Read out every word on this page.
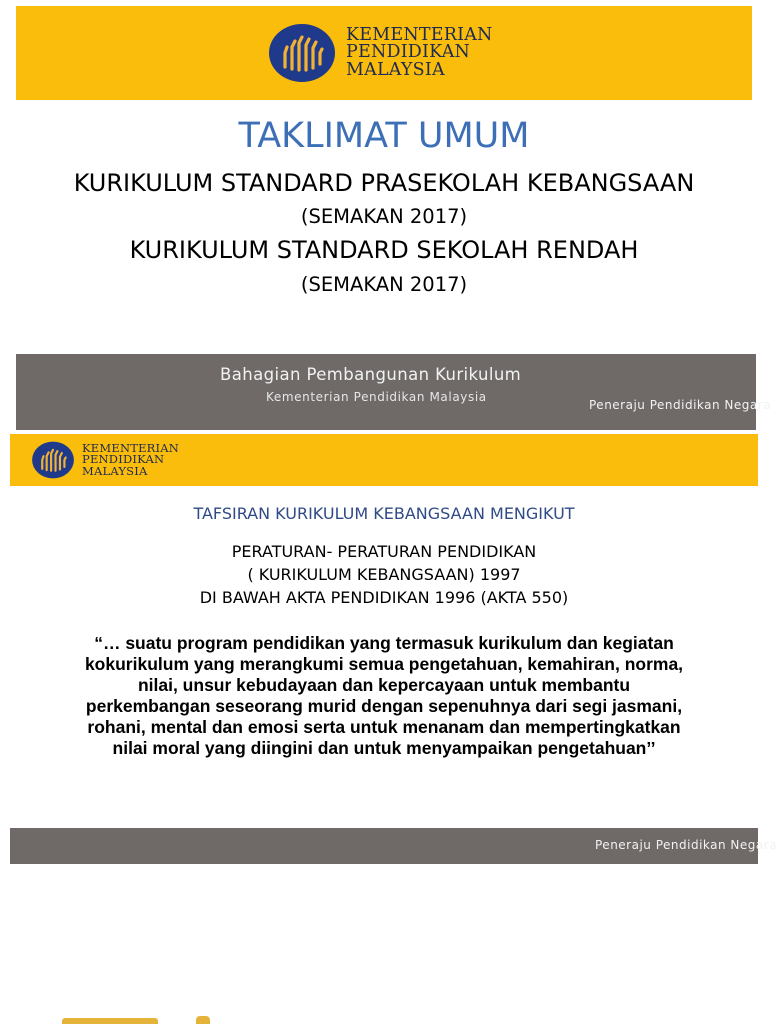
KEMENTERIAN
PENDIDIKAN
MALAYSIA
TAKLIMAT UMUM
KURIKULUM STANDARD PRASEKOLAH KEBANGSAAN
(SEMAKAN 2017)
KURIKULUM STANDARD SEKOLAH RENDAH
(SEMAKAN 2017)
Bahagian Pembangunan Kurikulum
Kementerian Pendidikan Malaysia
Peneraju Pendidikan Negara
KEMENTERIAN
PENDIDIKAN
MALAYSIA
TAFSIRAN KURIKULUM KEBANGSAAN MENGIKUT
PERATURAN- PERATURAN PENDIDIKAN
( KURIKULUM KEBANGSAAN) 1997
DI BAWAH AKTA PENDIDIKAN 1996 (AKTA 550)
“… suatu program pendidikan yang termasuk kurikulum dan kegiatan
kokurikulum yang merangkumi semua pengetahuan, kemahiran, norma,
nilai, unsur kebudayaan dan kepercayaan untuk membantu
perkembangan seseorang murid dengan sepenuhnya dari segi jasmani,
rohani, mental dan emosi serta untuk menanam dan mempertingkatkan
nilai moral yang diingini dan untuk menyampaikan pengetahuan’’
Peneraju Pendidikan Negara
